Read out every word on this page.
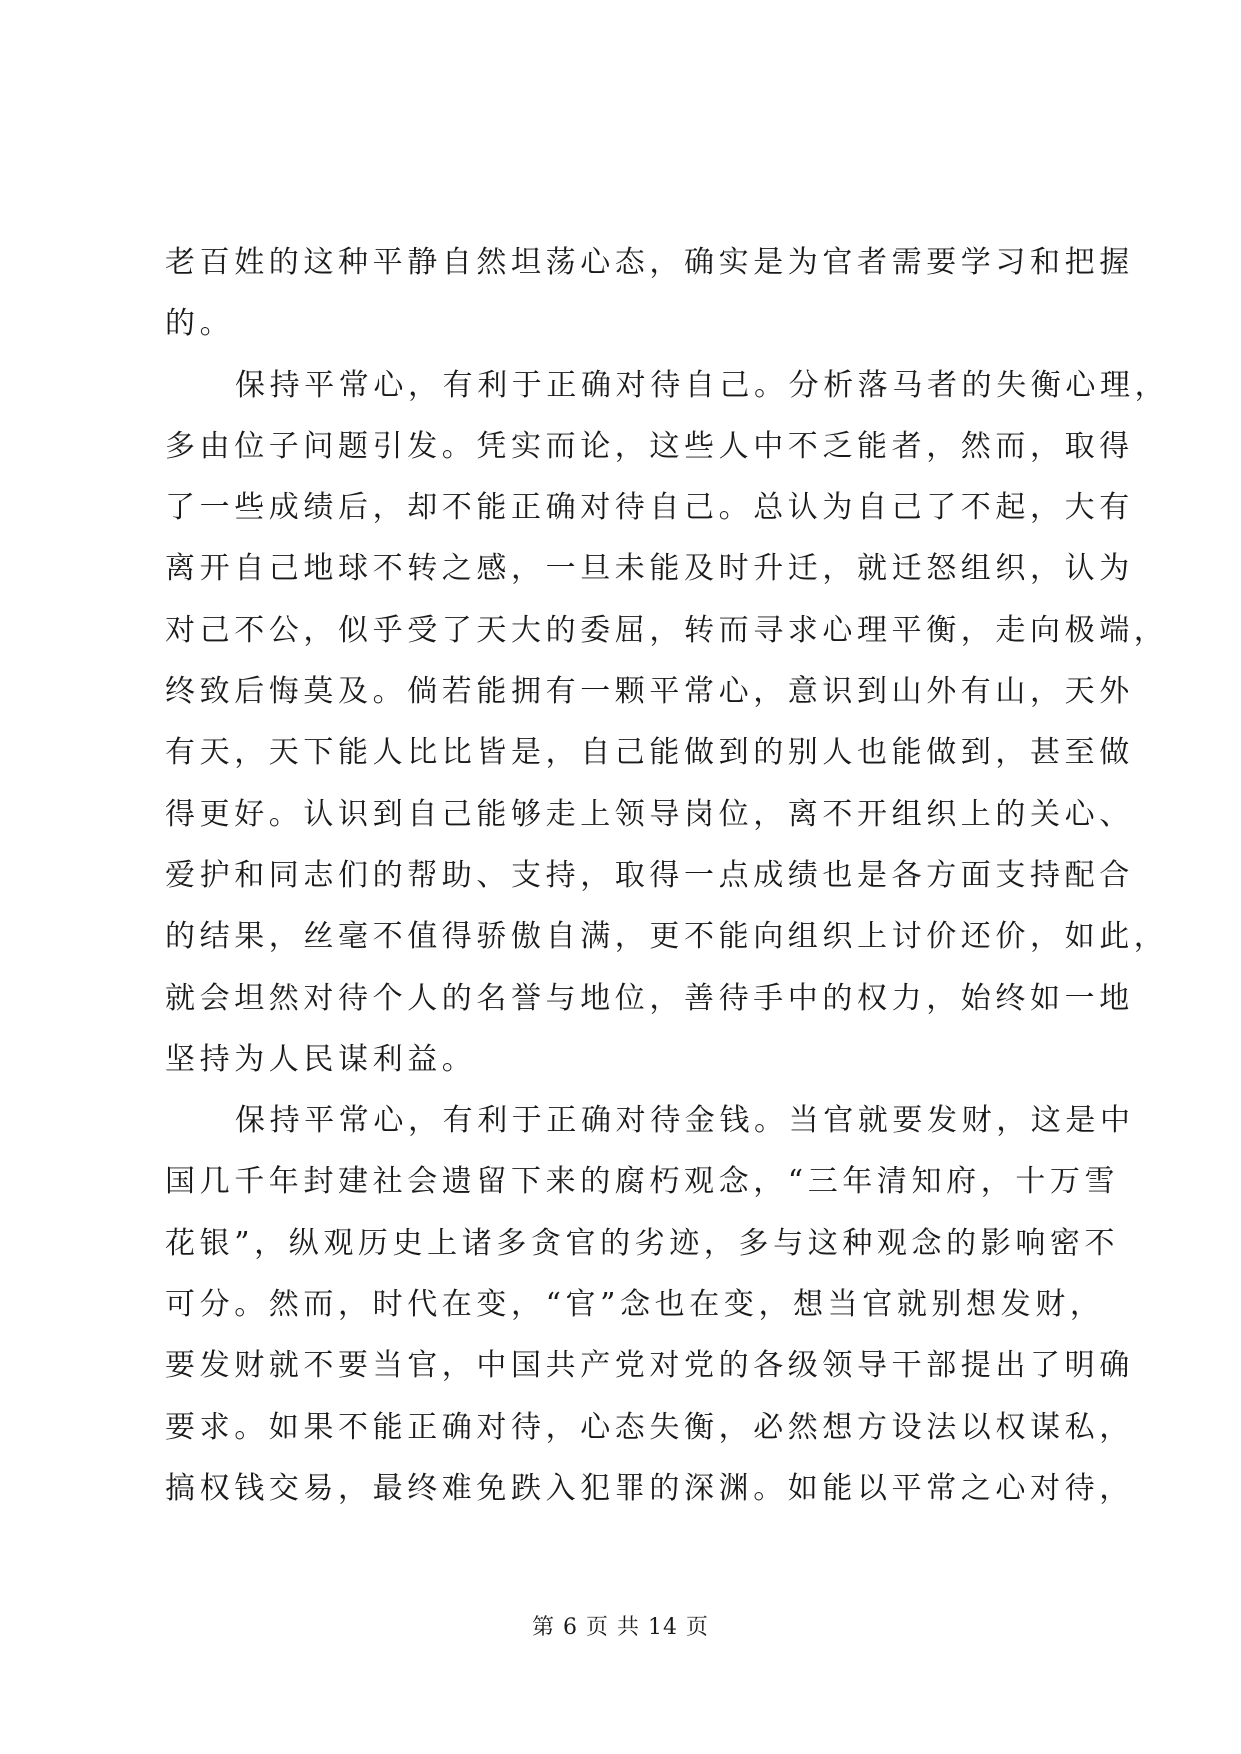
老百姓的这种平静自然坦荡心态，确实是为官者需要学习和把握
的。
保持平常心，有利于正确对待自己。分析落马者的失衡心理，
多由位子问题引发。凭实而论，这些人中不乏能者，然而，取得
了一些成绩后，却不能正确对待自己。总认为自己了不起，大有
离开自己地球不转之感，一旦未能及时升迁，就迁怒组织，认为
对己不公，似乎受了天大的委屈，转而寻求心理平衡，走向极端，
终致后悔莫及。倘若能拥有一颗平常心，意识到山外有山，天外
有天，天下能人比比皆是，自己能做到的别人也能做到，甚至做
得更好。认识到自己能够走上领导岗位，离不开组织上的关心、
爱护和同志们的帮助、支持，取得一点成绩也是各方面支持配合
的结果，丝毫不值得骄傲自满，更不能向组织上讨价还价，如此，
就会坦然对待个人的名誉与地位，善待手中的权力，始终如一地
坚持为人民谋利益。
保持平常心，有利于正确对待金钱。当官就要发财，这是中
国几千年封建社会遗留下来的腐朽观念，“三年清知府，十万雪
花银”，纵观历史上诸多贪官的劣迹，多与这种观念的影响密不
可分。然而，时代在变，“官”念也在变，想当官就别想发财，
要发财就不要当官，中国共产党对党的各级领导干部提出了明确
要求。如果不能正确对待，心态失衡，必然想方设法以权谋私，
搞权钱交易，最终难免跌入犯罪的深渊。如能以平常之心对待，
第 6 页 共 14 页
